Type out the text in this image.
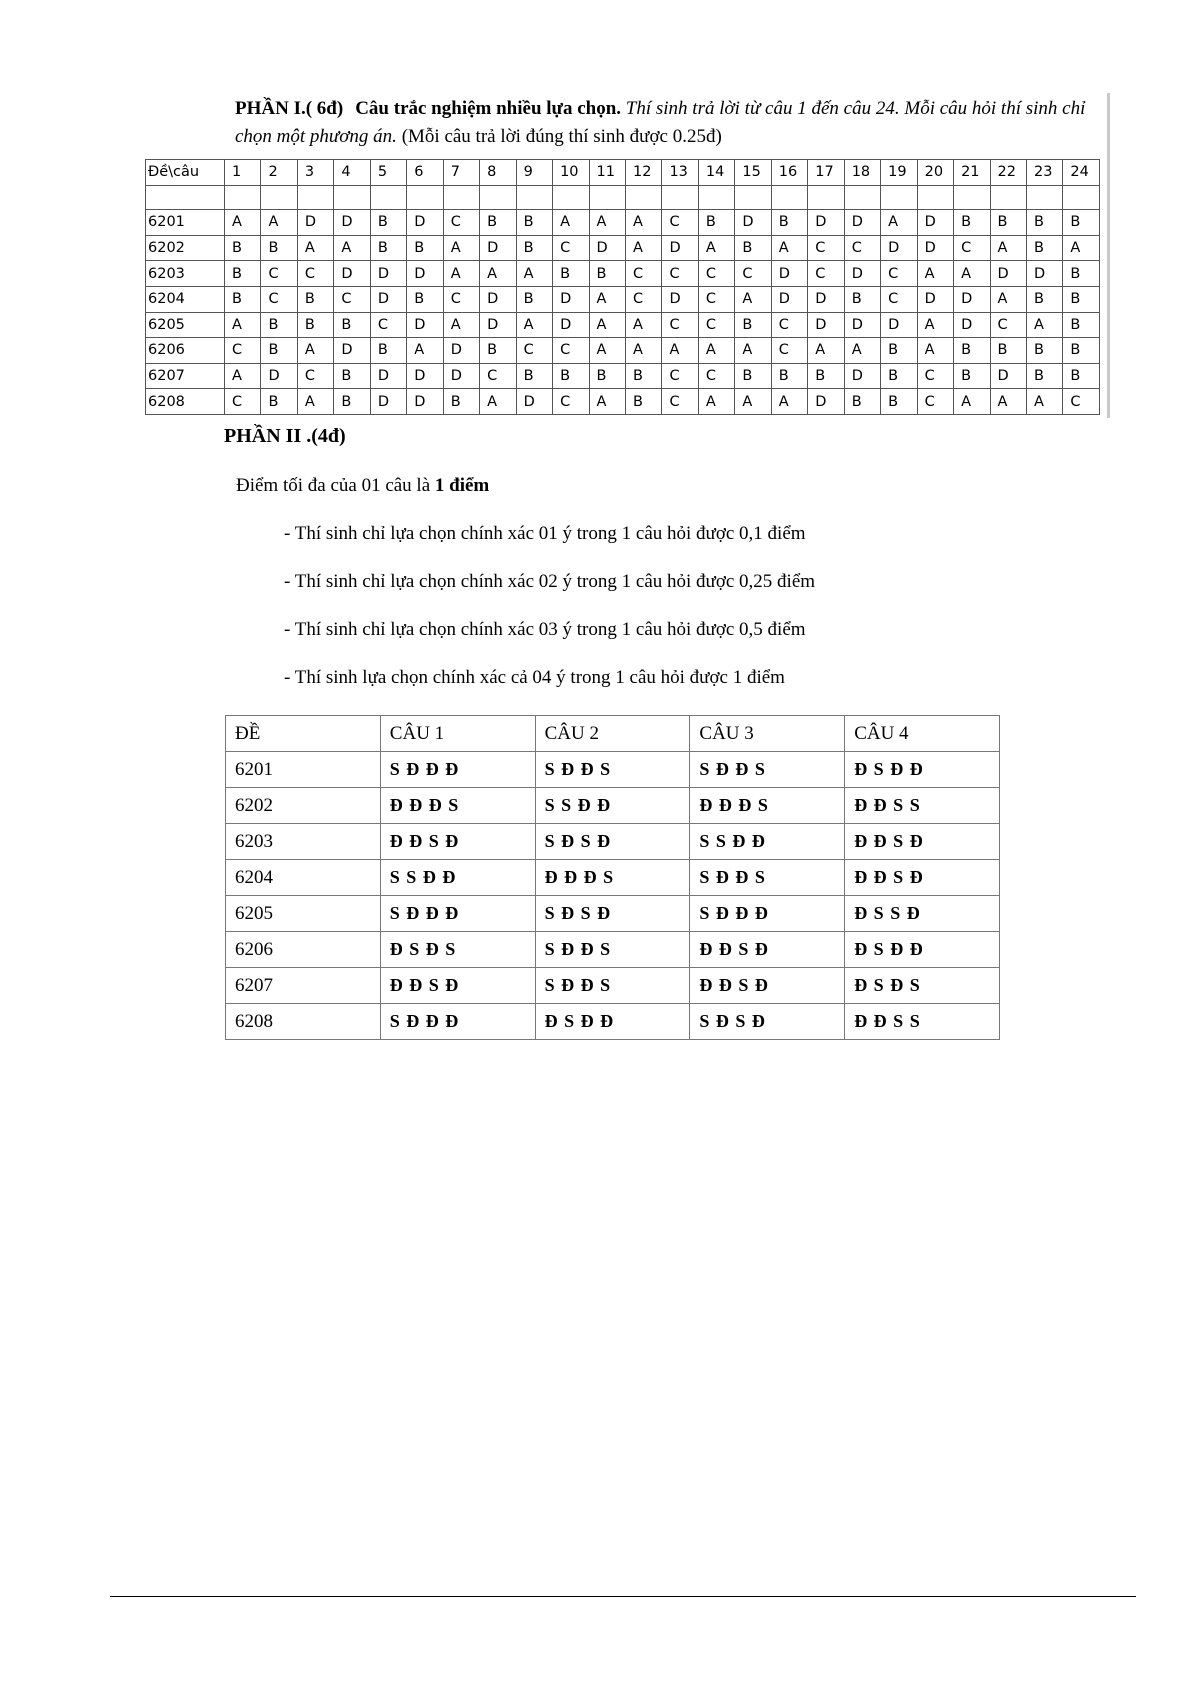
PHẦN I.( 6đ) Câu trắc nghiệm nhiều lựa chọn. Thí sinh trả lời từ câu 1 đến câu 24. Mỗi câu hỏi thí sinh chỉ chọn một phương án. (Mỗi câu trả lời đúng thí sinh được 0.25đ)
Đề\câu	1	2	3	4	5	6	7	8	9	10	11	12	13	14	15	16	17	18	19	20	21	22	23	24

6201	A	A	D	D	B	D	C	B	B	A	A	A	C	B	D	B	D	D	A	D	B	B	B	B
6202	B	B	A	A	B	B	A	D	B	C	D	A	D	A	B	A	C	C	D	D	C	A	B	A
6203	B	C	C	D	D	D	A	A	A	B	B	C	C	C	C	D	C	D	C	A	A	D	D	B
6204	B	C	B	C	D	B	C	D	B	D	A	C	D	C	A	D	D	B	C	D	D	A	B	B
6205	A	B	B	B	C	D	A	D	A	D	A	A	C	C	B	C	D	D	D	A	D	C	A	B
6206	C	B	A	D	B	A	D	B	C	C	A	A	A	A	A	C	A	A	B	A	B	B	B	B
6207	A	D	C	B	D	D	D	C	B	B	B	B	C	C	B	B	B	D	B	C	B	D	B	B
6208	C	B	A	B	D	D	B	A	D	C	A	B	C	A	A	A	D	B	B	C	A	A	A	C
PHẦN II .(4đ)
Điểm tối đa của 01 câu là 1 điểm
- Thí sinh chỉ lựa chọn chính xác 01 ý trong 1 câu hỏi được 0,1 điểm
- Thí sinh chỉ lựa chọn chính xác 02 ý trong 1 câu hỏi được 0,25 điểm
- Thí sinh chỉ lựa chọn chính xác 03 ý trong 1 câu hỏi được 0,5 điểm
- Thí sinh lựa chọn chính xác cả 04 ý trong 1 câu hỏi được 1 điểm
ĐỀ	CÂU 1	CÂU 2	CÂU 3	CÂU 4
6201	S Đ Đ Đ	S Đ Đ S	S Đ Đ S	Đ S Đ Đ
6202	Đ Đ Đ S	S S Đ Đ	Đ Đ Đ S	Đ Đ S S
6203	Đ Đ S Đ	S Đ S Đ	S S Đ Đ	Đ Đ S Đ
6204	S S Đ Đ	Đ Đ Đ S	S Đ Đ S	Đ Đ S Đ
6205	S Đ Đ Đ	S Đ S Đ	S Đ Đ Đ	Đ S S Đ
6206	Đ S Đ S	S Đ Đ S	Đ Đ S Đ	Đ S Đ Đ
6207	Đ Đ S Đ	S Đ Đ S	Đ Đ S Đ	Đ S Đ S
6208	S Đ Đ Đ	Đ S Đ Đ	S Đ S Đ	Đ Đ S S
